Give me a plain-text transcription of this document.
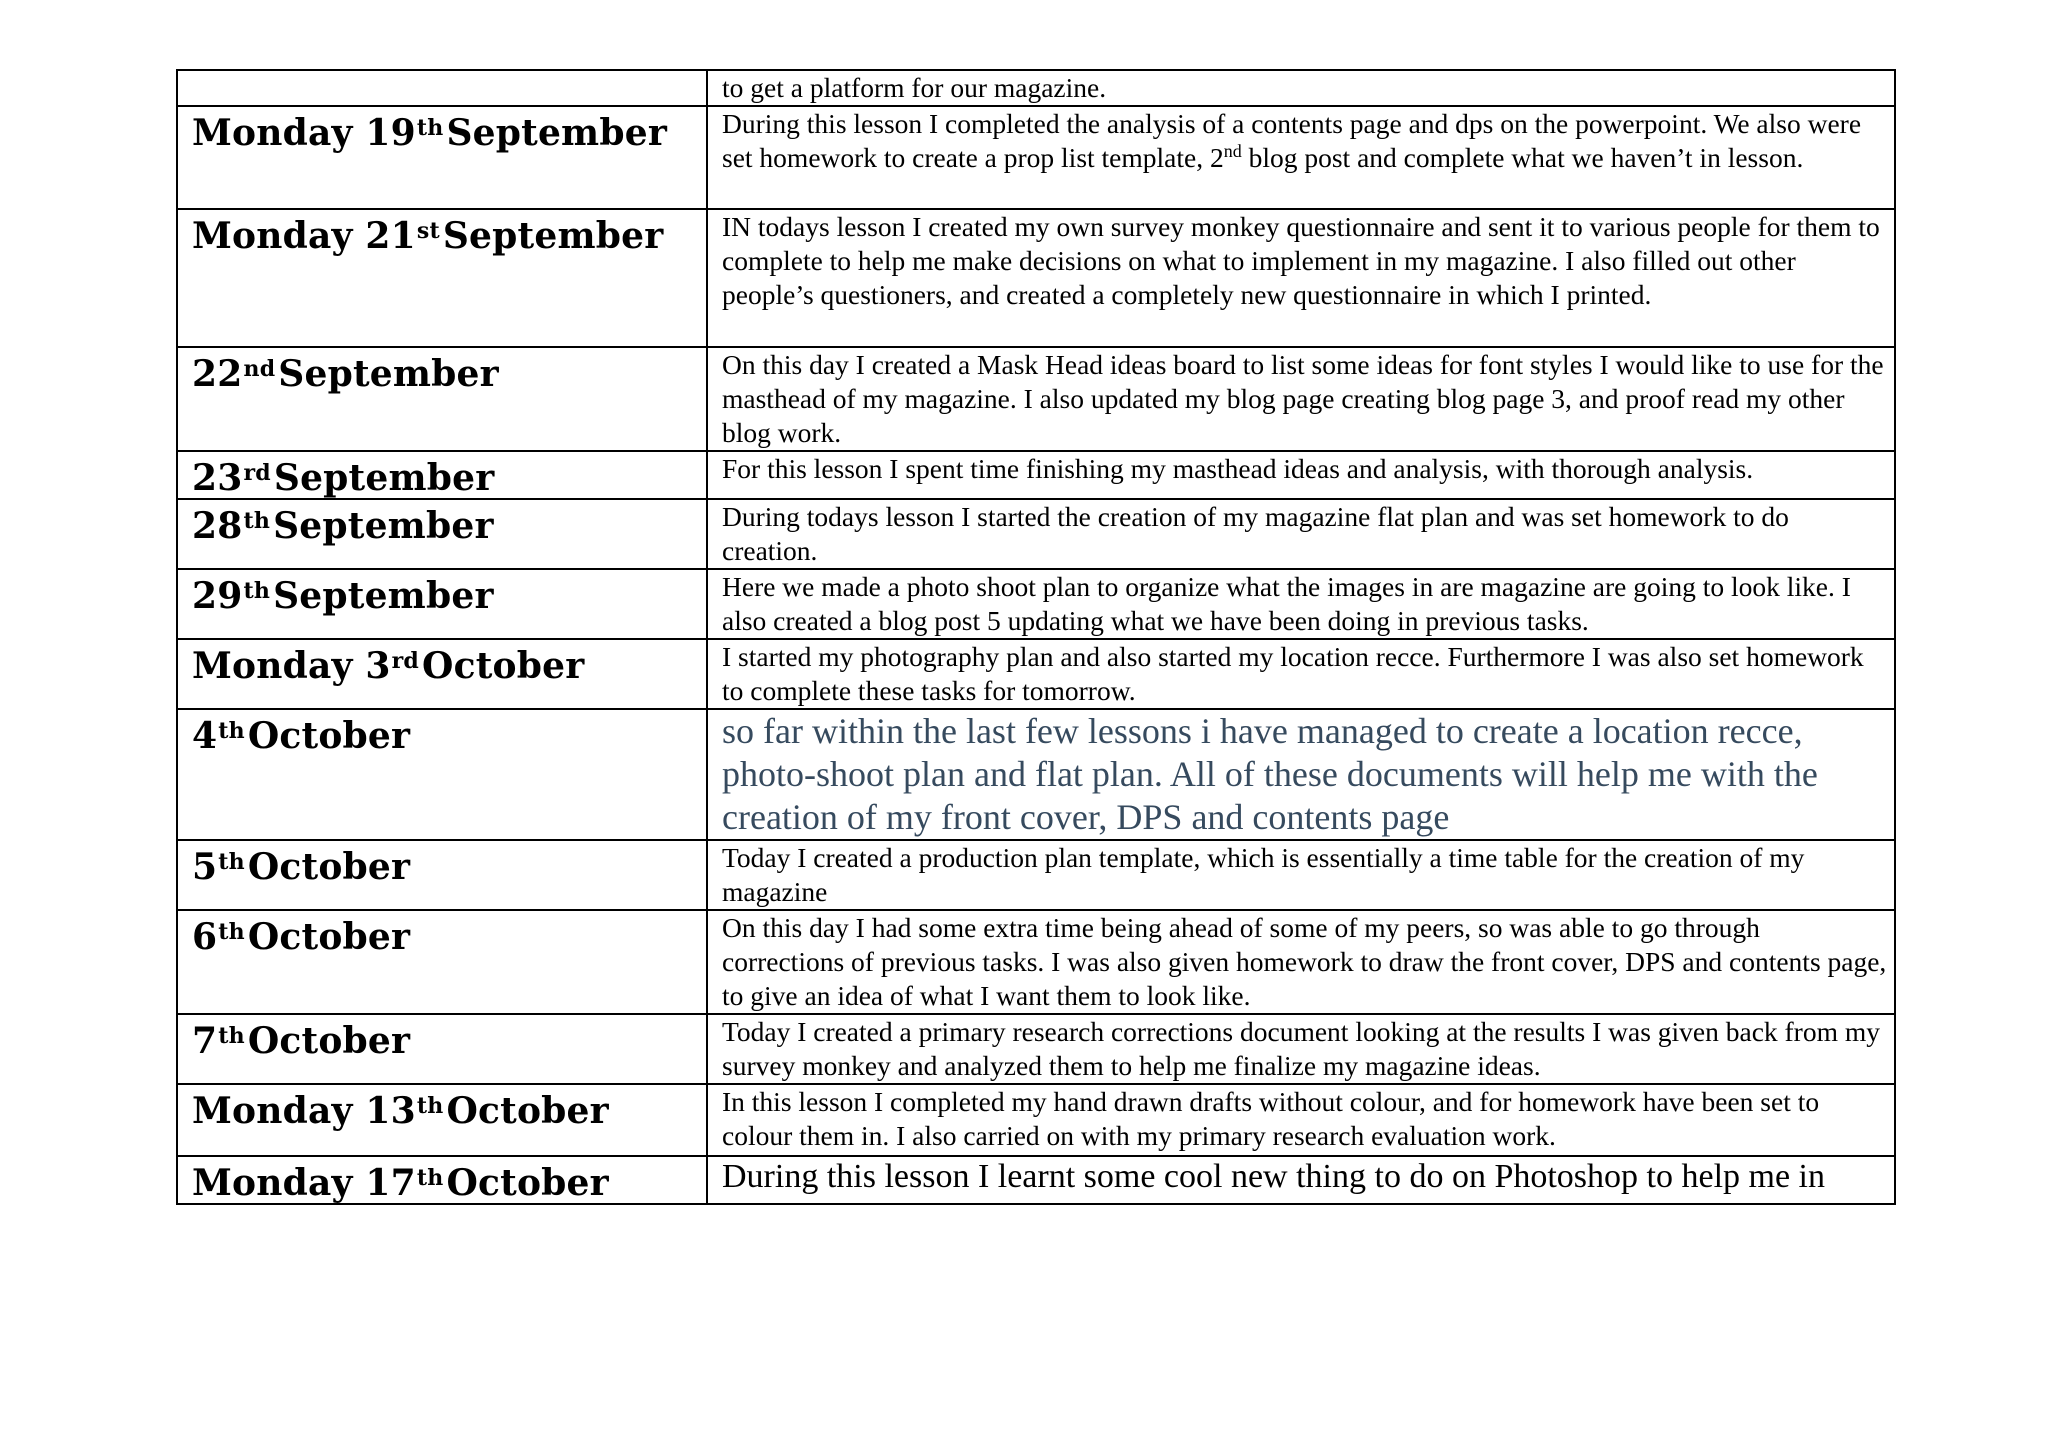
	to get a platform for our magazine.
Monday 19thSeptember	During this lesson I completed the analysis of a contents page and dps on the powerpoint. We also were set homework to create a prop list template, 2nd blog post and complete what we haven’t in lesson.
Monday 21stSeptember	IN todays lesson I created my own survey monkey questionnaire and sent it to various people for them to complete to help me make decisions on what to implement in my magazine. I also filled out other people’s questioners, and created a completely new questionnaire in which I printed.
22ndSeptember	On this day I created a Mask Head ideas board to list some ideas for font styles I would like to use for the masthead of my magazine. I also updated my blog page creating blog page 3, and proof read my other blog work.
23rdSeptember	For this lesson I spent time finishing my masthead ideas and analysis, with thorough analysis.
28thSeptember	During todays lesson I started the creation of my magazine flat plan and was set homework to do creation.
29thSeptember	Here we made a photo shoot plan to organize what the images in are magazine are going to look like. I also created a blog post 5 updating what we have been doing in previous tasks.
Monday 3rdOctober	I started my photography plan and also started my location recce. Furthermore I was also set homework to complete these tasks for tomorrow.
4thOctober	so far within the last few lessons i have managed to create a location recce, photo-shoot plan and flat plan. All of these documents will help me with the creation of my front cover, DPS and contents page
5thOctober	Today I created a production plan template, which is essentially a time table for the creation of my magazine
6thOctober	On this day I had some extra time being ahead of some of my peers, so was able to go through corrections of previous tasks. I was also given homework to draw the front cover, DPS and contents page, to give an idea of what I want them to look like.
7thOctober	Today I created a primary research corrections document looking at the results I was given back from my survey monkey and analyzed them to help me finalize my magazine ideas.
Monday 13thOctober	In this lesson I completed my hand drawn drafts without colour, and for homework have been set to colour them in. I also carried on with my primary research evaluation work.
Monday 17thOctober	During this lesson I learnt some cool new thing to do on Photoshop to help me in
